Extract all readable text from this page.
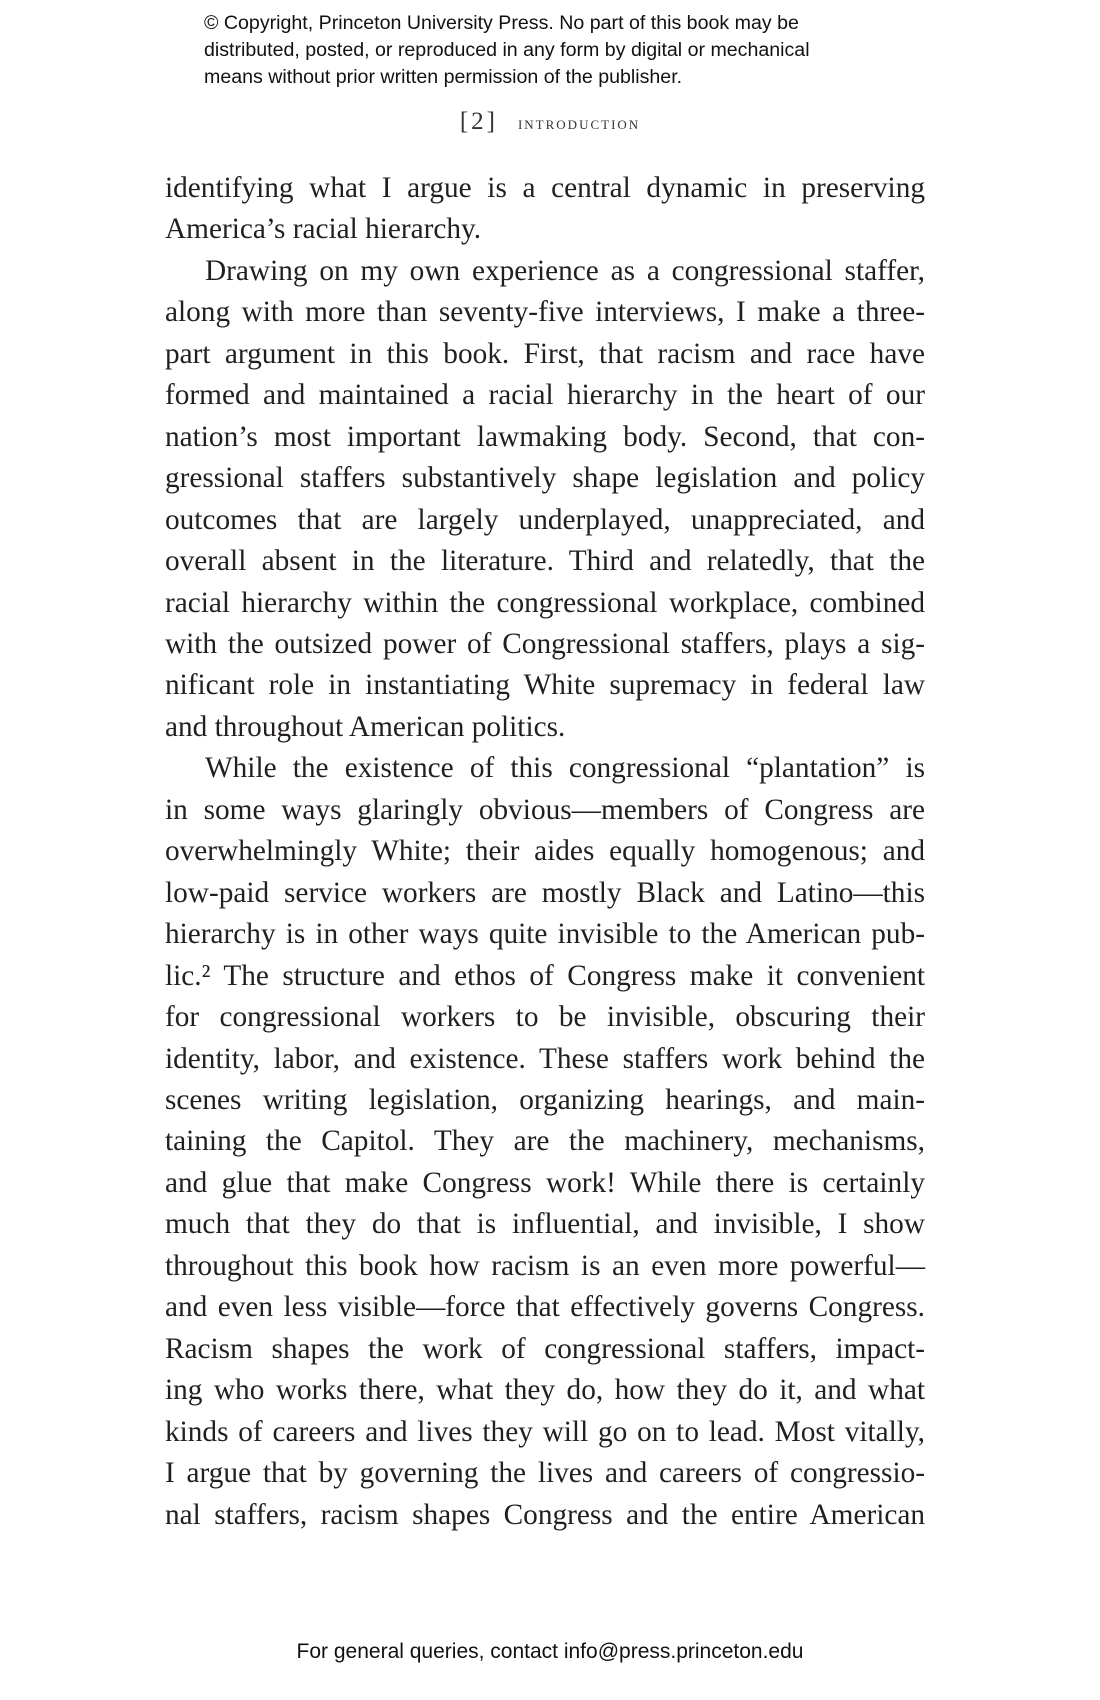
© Copyright, Princeton University Press. No part of this book may be
distributed, posted, or reproduced in any form by digital or mechanical
means without prior written permission of the publisher.
[2] introduction
identifying what I argue is a central dynamic in preserving
America’s racial hierarchy.
Drawing on my own experience as a congressional staffer,
along with more than seventy-five interviews, I make a three-
part argument in this book. First, that racism and race have
formed and maintained a racial hierarchy in the heart of our
nation’s most important lawmaking body. Second, that con-
gressional staffers substantively shape legislation and policy
outcomes that are largely underplayed, unappreciated, and
overall absent in the literature. Third and relatedly, that the
racial hierarchy within the congressional workplace, combined
with the outsized power of Congressional staffers, plays a sig-
nificant role in instantiating White supremacy in federal law
and throughout American politics.
While the existence of this congressional “plantation” is
in some ways glaringly obvious—members of Congress are
overwhelmingly White; their aides equally homogenous; and
low-paid service workers are mostly Black and Latino—this
hierarchy is in other ways quite invisible to the American pub-
lic.² The structure and ethos of Congress make it convenient
for congressional workers to be invisible, obscuring their
identity, labor, and existence. These staffers work behind the
scenes writing legislation, organizing hearings, and main-
taining the Capitol. They are the machinery, mechanisms,
and glue that make Congress work! While there is certainly
much that they do that is influential, and invisible, I show
throughout this book how racism is an even more powerful—
and even less visible—force that effectively governs Congress.
Racism shapes the work of congressional staffers, impact-
ing who works there, what they do, how they do it, and what
kinds of careers and lives they will go on to lead. Most vitally,
I argue that by governing the lives and careers of congressio-
nal staffers, racism shapes Congress and the entire American
For general queries, contact info@press.princeton.edu
